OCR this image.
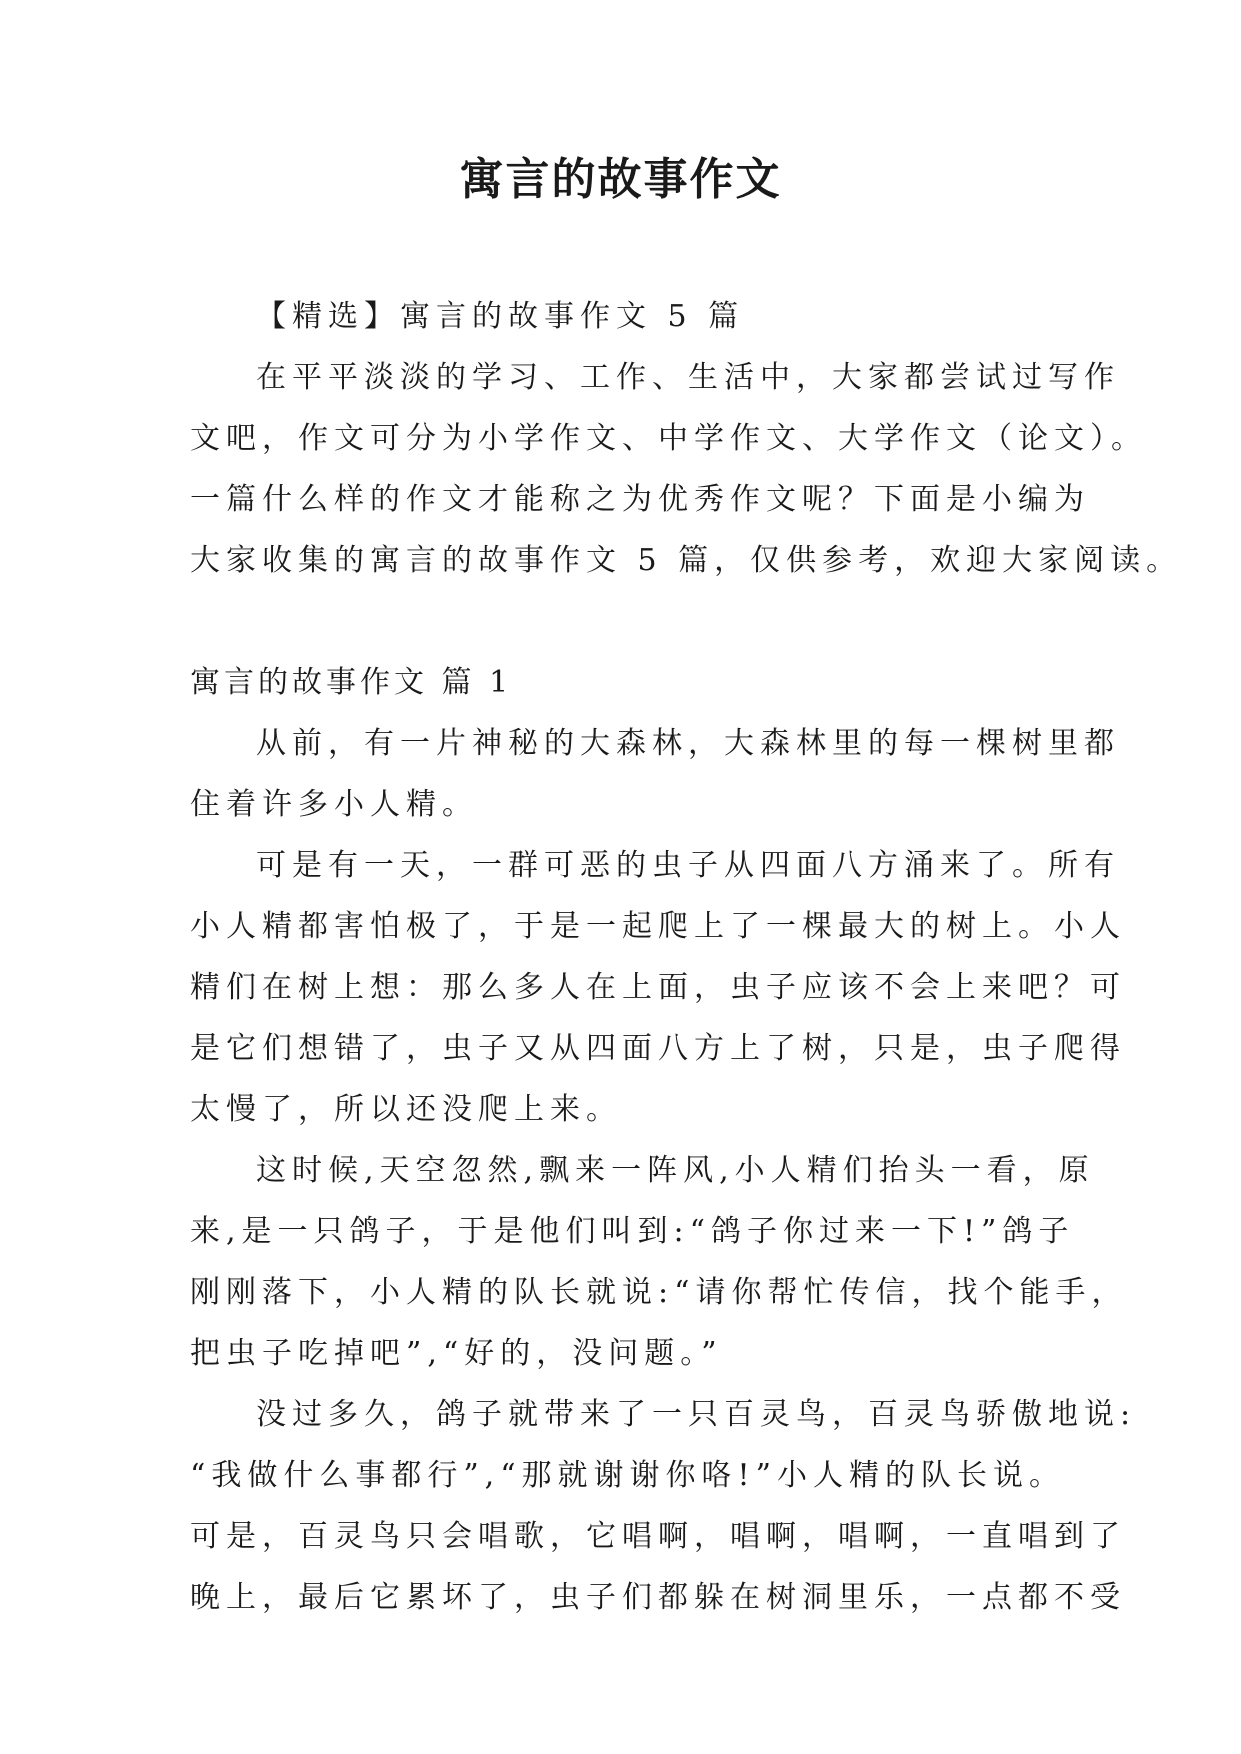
寓言的故事作文
【精选】寓言的故事作文 5 篇
在平平淡淡的学习、工作、生活中，大家都尝试过写作
文吧，作文可分为小学作文、中学作文、大学作文（论文）。
一篇什么样的作文才能称之为优秀作文呢？下面是小编为
大家收集的寓言的故事作文 5 篇，仅供参考，欢迎大家阅读。
寓言的故事作文 篇 1
从前，有一片神秘的大森林，大森林里的每一棵树里都
住着许多小人精。
可是有一天，一群可恶的虫子从四面八方涌来了。所有
小人精都害怕极了，于是一起爬上了一棵最大的树上。小人
精们在树上想：那么多人在上面，虫子应该不会上来吧？可
是它们想错了，虫子又从四面八方上了树，只是，虫子爬得
太慢了，所以还没爬上来。
这时候,天空忽然,飘来一阵风,小人精们抬头一看，原
来,是一只鸽子，于是他们叫到:“鸽子你过来一下!”鸽子
刚刚落下，小人精的队长就说:“请你帮忙传信，找个能手，
把虫子吃掉吧”,“好的，没问题。”
没过多久，鸽子就带来了一只百灵鸟，百灵鸟骄傲地说:
“我做什么事都行”,“那就谢谢你咯!”小人精的队长说。
可是，百灵鸟只会唱歌，它唱啊，唱啊，唱啊，一直唱到了
晚上，最后它累坏了，虫子们都躲在树洞里乐，一点都不受
